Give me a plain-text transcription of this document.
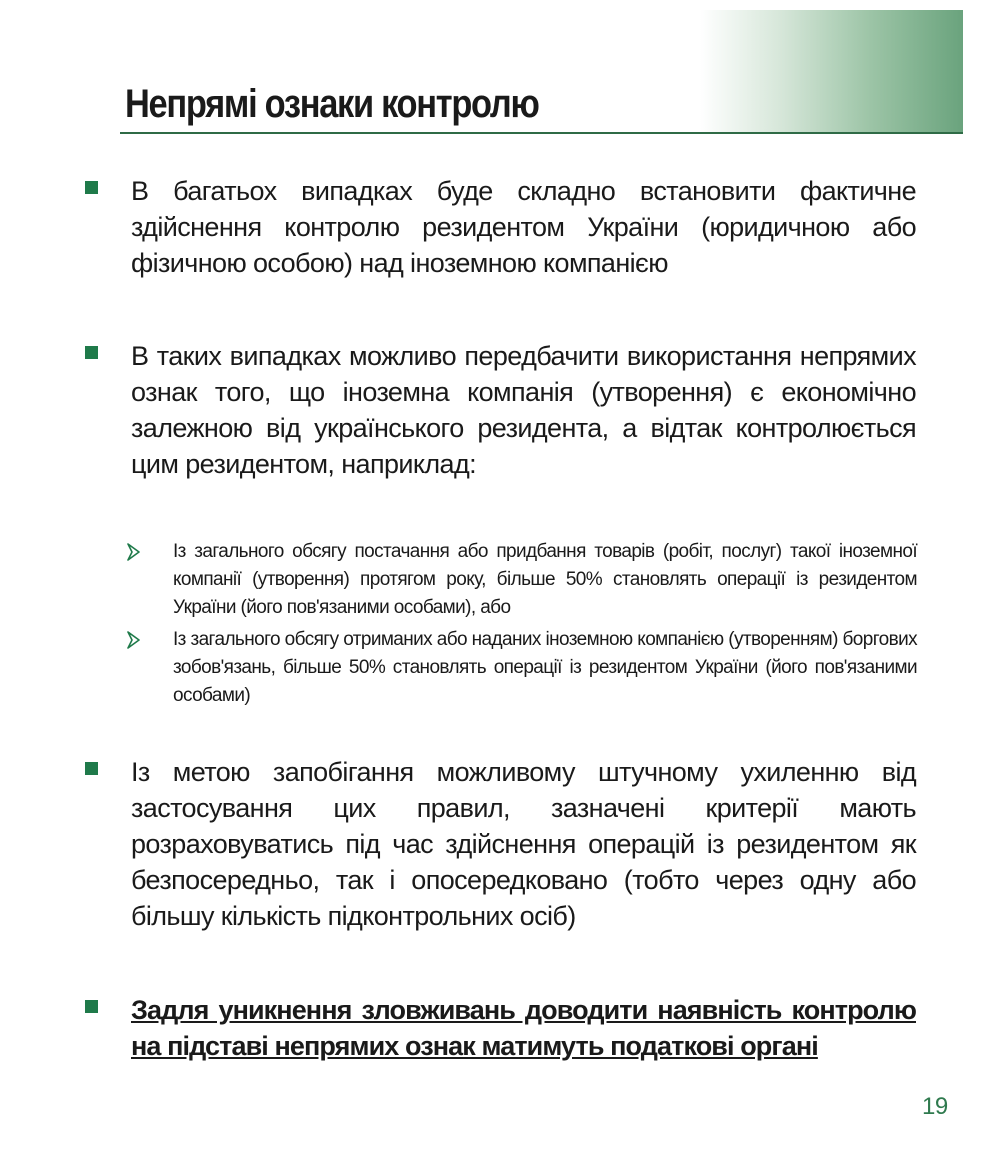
Непрямі ознаки контролю
В багатьох випадках буде складно встановити фактичне здійснення контролю резидентом України (юридичною або фізичною особою) над іноземною компанією
В таких випадках можливо передбачити використання непрямих ознак того, що іноземна компанія (утворення) є економічно залежною від українського резидента, а відтак контролюється цим резидентом, наприклад:
Із загального обсягу постачання або придбання товарів (робіт, послуг) такої іноземної компанії (утворення) протягом року, більше 50% становлять операції із резидентом України (його пов'язаними особами), або
Із загального обсягу отриманих або наданих іноземною компанією (утворенням) боргових зобов'язань, більше 50% становлять операції із резидентом України (його пов'язаними особами)
Із метою запобігання можливому штучному ухиленню від застосування цих правил, зазначені критерії мають розраховуватись під час здійснення операцій із резидентом як безпосередньо, так і опосередковано (тобто через одну або більшу кількість підконтрольних осіб)
Задля уникнення зловживань доводити наявність контролю на підставі непрямих ознак матимуть податкові органі
19
